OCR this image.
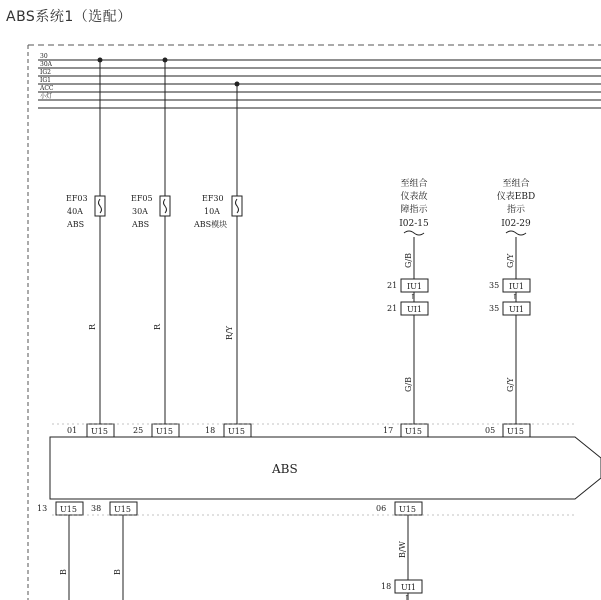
ABS系统1（选配）
30
30A
IG2
IG1
ACC
小灯
EF03
40A
ABS
EF05
30A
ABS
EF30
10A
ABS模块
R	R	R/Y
至组合
仪表故
障指示
I02-15
至组合
仪表EBD
指示
I02-29
G/B
21 IU1
↑
21 UI1
G/B
G/Y
35 IU1
↑
35 UI1
G/Y
ABS
01 U15	25 U15	18 U15	17 U15	05 U15
13 U15 38 U15	06 U15
B	B
B/W
18 UI1
↑
